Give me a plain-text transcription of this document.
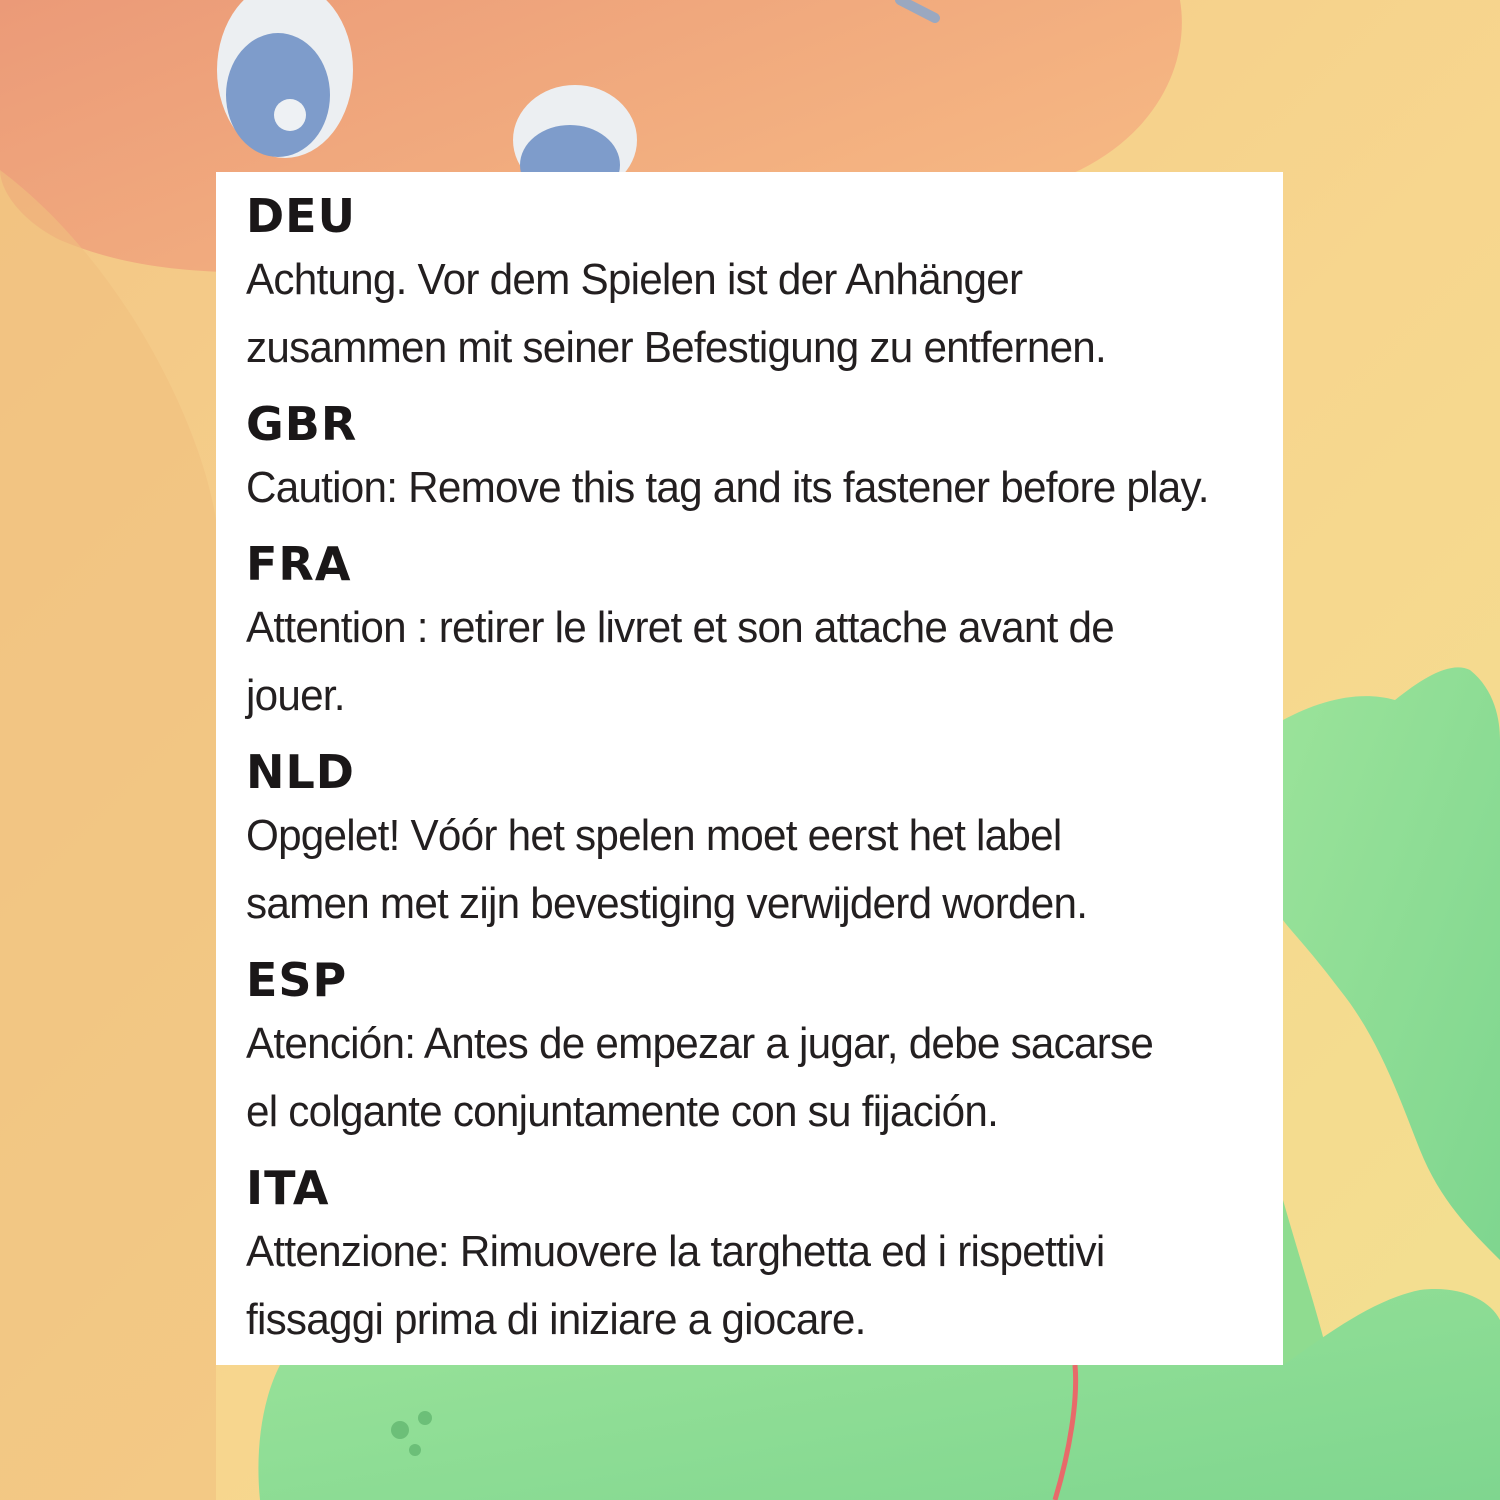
DEU
Achtung. Vor dem Spielen ist der Anhänger
zusammen mit seiner Befestigung zu entfernen.
GBR
Caution: Remove this tag and its fastener before play.
FRA
Attention : retirer le livret et son attache avant de jouer.
NLD
Opgelet! Vóór het spelen moet eerst het label
samen met zijn bevestiging verwijderd worden.
ESP
Atención: Antes de empezar a jugar, debe sacarse
el colgante conjuntamente con su fijación.
ITA
Attenzione: Rimuovere la targhetta ed i rispettivi
fissaggi prima di iniziare a giocare.
